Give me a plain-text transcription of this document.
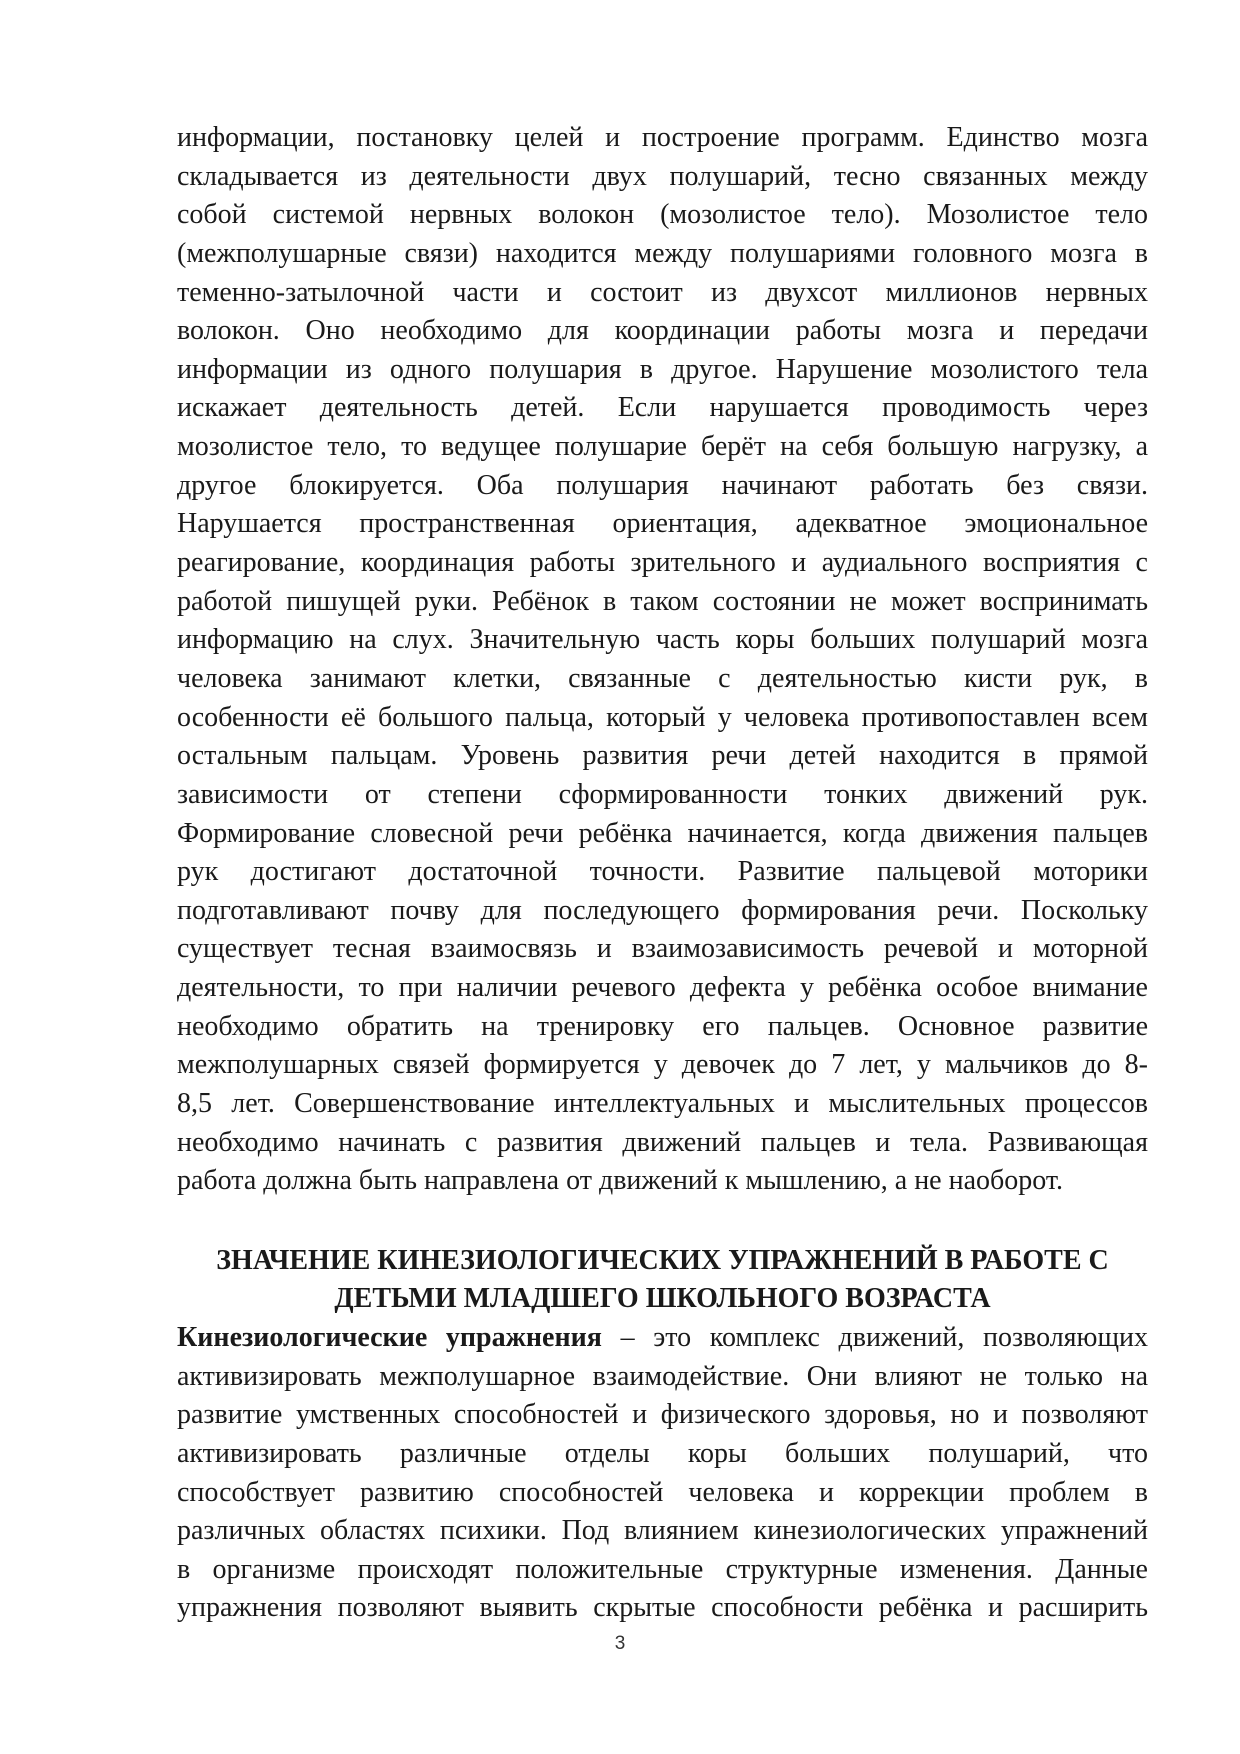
информации, постановку целей и построение программ. Единство мозга
складывается из деятельности двух полушарий, тесно связанных между
собой системой нервных волокон (мозолистое тело). Мозолистое тело
(межполушарные связи) находится между полушариями головного мозга в
теменно-затылочной части и состоит из двухсот миллионов нервных
волокон. Оно необходимо для координации работы мозга и передачи
информации из одного полушария в другое. Нарушение мозолистого тела
искажает деятельность детей. Если нарушается проводимость через
мозолистое тело, то ведущее полушарие берёт на себя большую нагрузку, а
другое блокируется. Оба полушария начинают работать без связи.
Нарушается пространственная ориентация, адекватное эмоциональное
реагирование, координация работы зрительного и аудиального восприятия с
работой пишущей руки. Ребёнок в таком состоянии не может воспринимать
информацию на слух. Значительную часть коры больших полушарий мозга
человека занимают клетки, связанные с деятельностью кисти рук, в
особенности её большого пальца, который у человека противопоставлен всем
остальным пальцам. Уровень развития речи детей находится в прямой
зависимости от степени сформированности тонких движений рук.
Формирование словесной речи ребёнка начинается, когда движения пальцев
рук достигают достаточной точности. Развитие пальцевой моторики
подготавливают почву для последующего формирования речи. Поскольку
существует тесная взаимосвязь и взаимозависимость речевой и моторной
деятельности, то при наличии речевого дефекта у ребёнка особое внимание
необходимо обратить на тренировку его пальцев. Основное развитие
межполушарных связей формируется у девочек до 7 лет, у мальчиков до 8-
8,5 лет. Совершенствование интеллектуальных и мыслительных процессов
необходимо начинать с развития движений пальцев и тела. Развивающая
работа должна быть направлена от движений к мышлению, а не наоборот.
ЗНАЧЕНИЕ КИНЕЗИОЛОГИЧЕСКИХ УПРАЖНЕНИЙ В РАБОТЕ С
ДЕТЬМИ МЛАДШЕГО ШКОЛЬНОГО ВОЗРАСТА
Кинезиологические упражнения – это комплекс движений, позволяющих
активизировать межполушарное взаимодействие. Они влияют не только на
развитие умственных способностей и физического здоровья, но и позволяют
активизировать различные отделы коры больших полушарий, что
способствует развитию способностей человека и коррекции проблем в
различных областях психики. Под влиянием кинезиологических упражнений
в организме происходят положительные структурные изменения. Данные
упражнения позволяют выявить скрытые способности ребёнка и расширить
3
